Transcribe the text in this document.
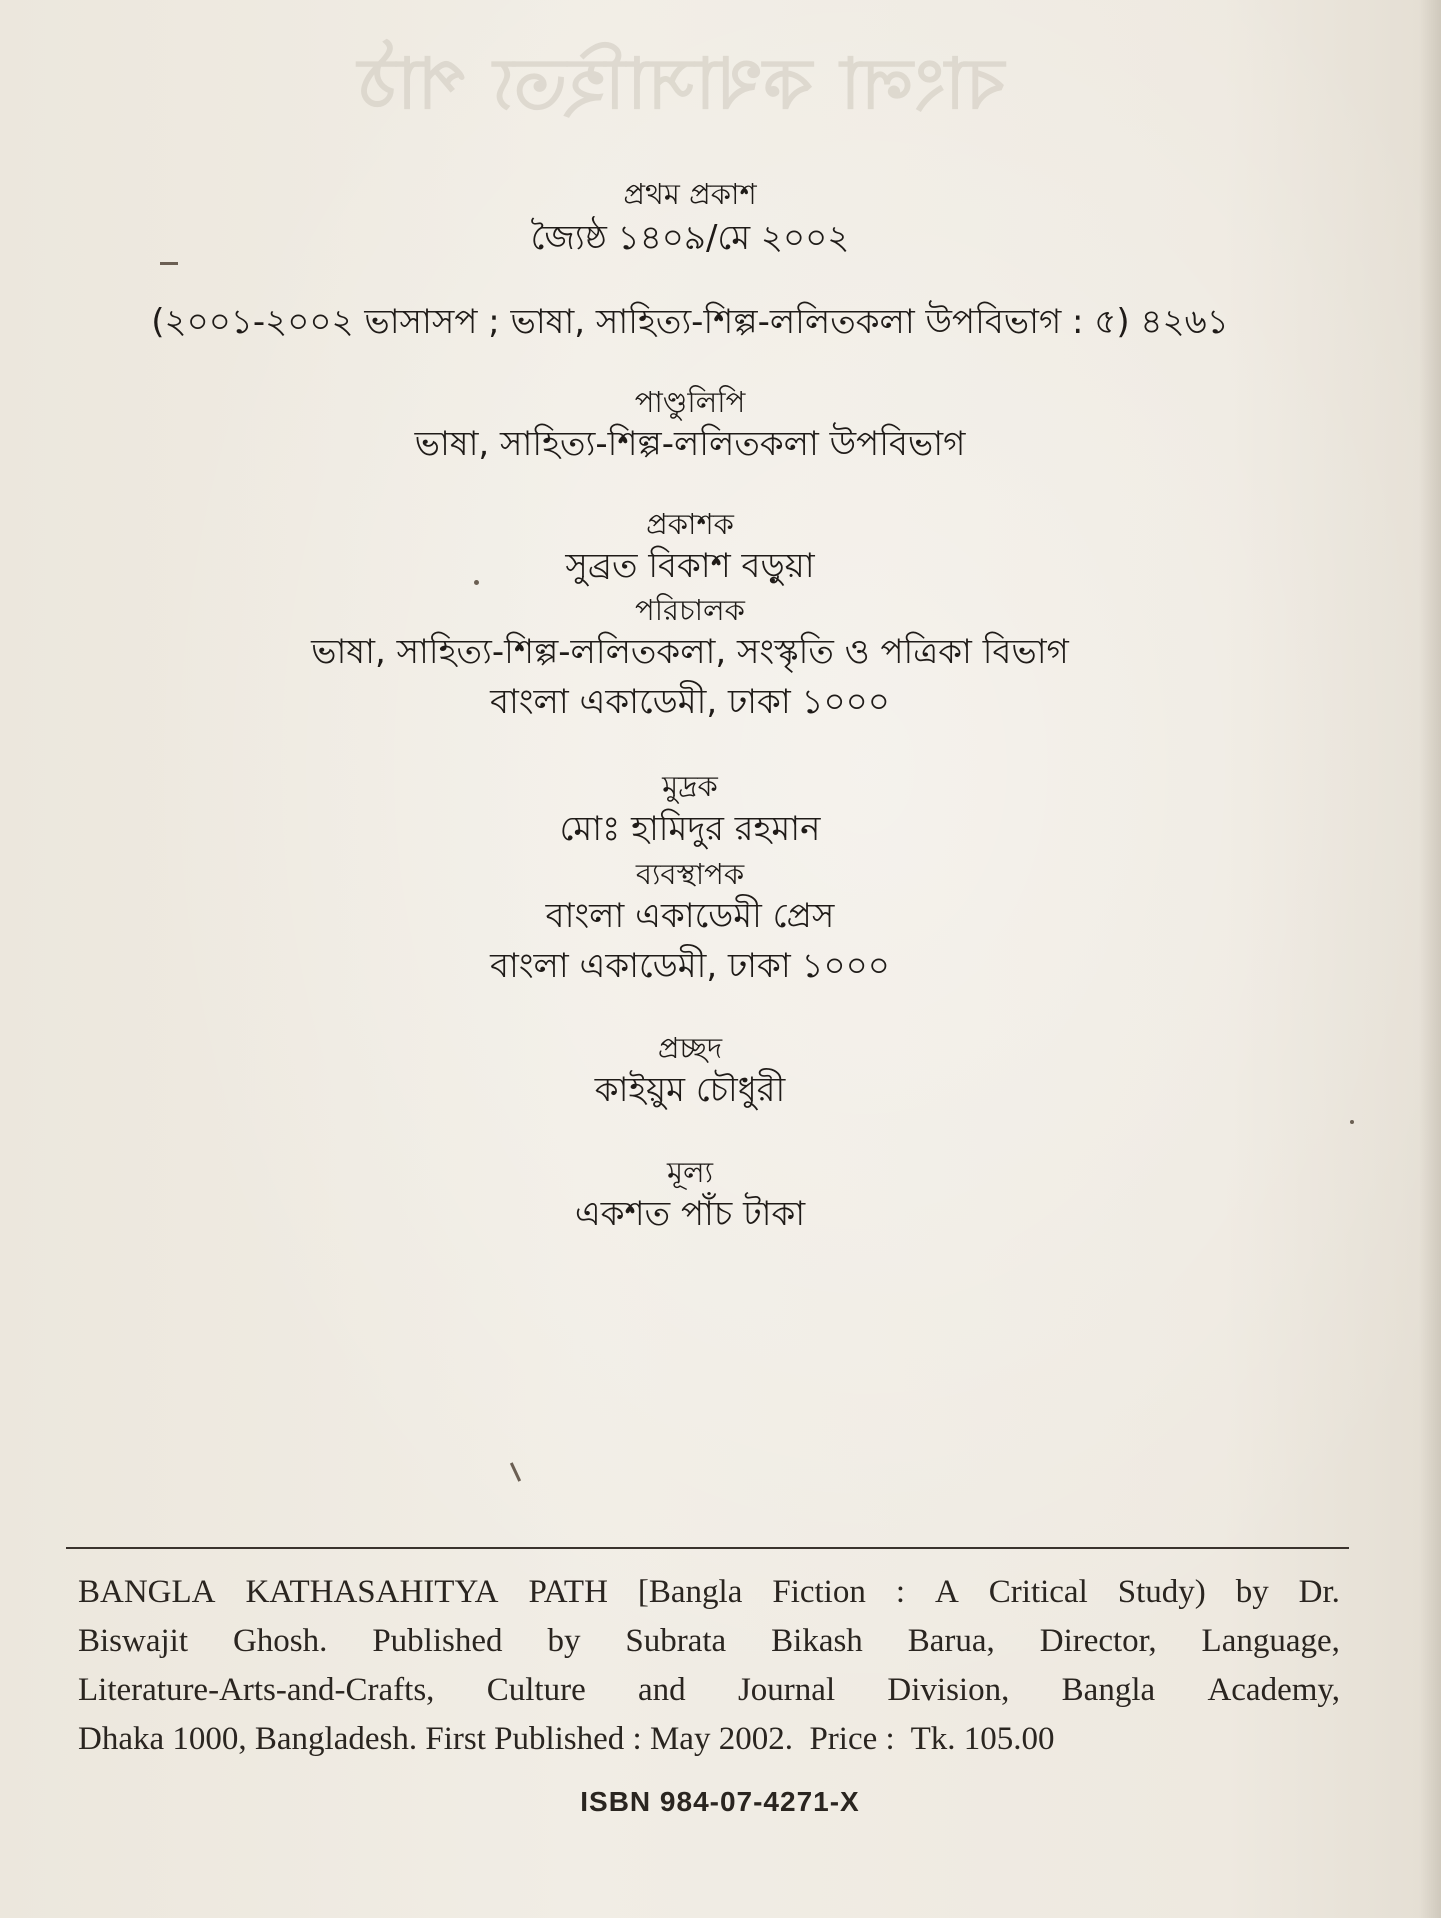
বাংলা কথাসাহিত্য পাঠ
প্রথম প্রকাশ
জ্যৈষ্ঠ ১৪০৯/মে ২০০২
(২০০১-২০০২ ভাসাসপ ; ভাষা, সাহিত্য-শিল্প-ললিতকলা উপবিভাগ : ৫) ৪২৬১
পাণ্ডুলিপি
ভাষা, সাহিত্য-শিল্প-ললিতকলা উপবিভাগ
প্রকাশক
সুব্রত বিকাশ বড়ুয়া
পরিচালক
ভাষা, সাহিত্য-শিল্প-ললিতকলা, সংস্কৃতি ও পত্রিকা বিভাগ
বাংলা একাডেমী, ঢাকা ১০০০
মুদ্রক
মোঃ হামিদুর রহমান
ব্যবস্থাপক
বাংলা একাডেমী প্রেস
বাংলা একাডেমী, ঢাকা ১০০০
প্রচ্ছদ
কাইয়ুম চৌধুরী
মূল্য
একশত পাঁচ টাকা
BANGLA KATHASAHITYA PATH [Bangla Fiction : A Critical Study) by Dr.
Biswajit Ghosh. Published by Subrata Bikash Barua, Director, Language,
Literature-Arts-and-Crafts, Culture and Journal Division, Bangla Academy,
Dhaka 1000, Bangladesh. First Published : May 2002.  Price :  Tk. 105.00
ISBN 984-07-4271-X
